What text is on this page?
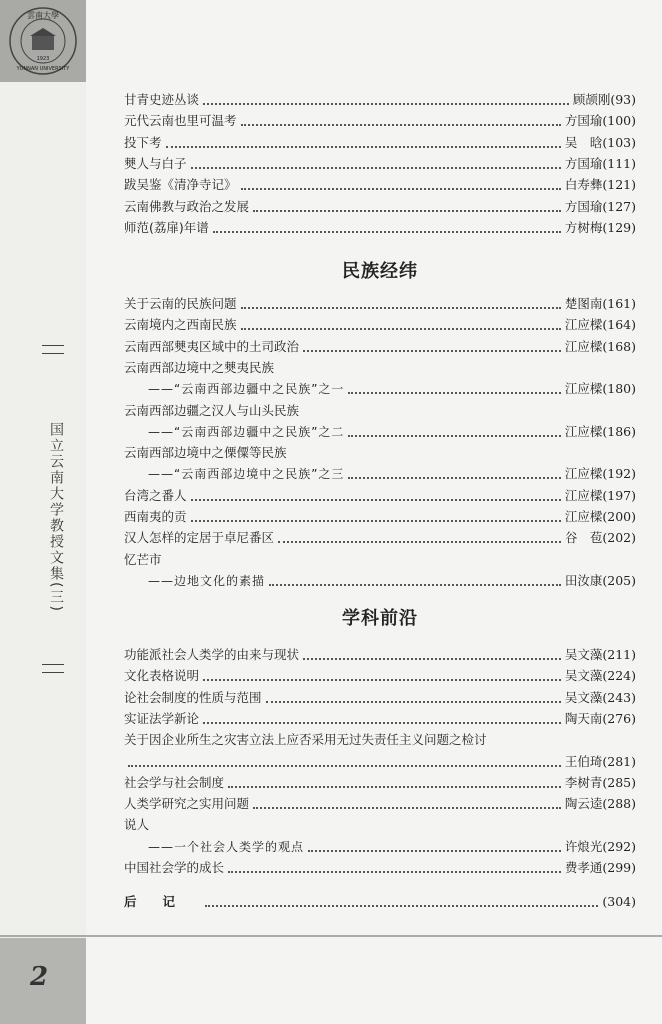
雲南大學
YUNNAN UNIVERSITY
1923
国立云南大学教授文集(三)
2
甘青史迹丛谈	顾颉刚(93)
元代云南也里可温考	方国瑜(100)
投下考	吴　晗(103)
僰人与白子	方国瑜(111)
跋吴鉴《清净寺记》	白寿彝(121)
云南佛教与政治之发展	方国瑜(127)
师范(荔扉)年谱	方树梅(129)
民族经纬
关于云南的民族问题	楚图南(161)
云南境内之西南民族	江应樑(164)
云南西部僰夷区域中的土司政治	江应樑(168)
云南西部边境中之僰夷民族
——“云南西部边疆中之民族”之一	江应樑(180)
云南西部边疆之汉人与山头民族
——“云南西部边疆中之民族”之二	江应樑(186)
云南西部边境中之傈僳等民族
——“云南西部边境中之民族”之三	江应樑(192)
台湾之番人	江应樑(197)
西南夷的贡	江应樑(200)
汉人怎样的定居于卓尼番区	谷　苞(202)
忆芒市
——边地文化的素描	田汝康(205)
学科前沿
功能派社会人类学的由来与现状	吴文藻(211)
文化表格说明	吴文藻(224)
论社会制度的性质与范围	吴文藻(243)
实证法学新论	陶天南(276)
关于因企业所生之灾害立法上应否采用无过失责任主义问题之检讨
王伯琦(281)
社会学与社会制度	李树青(285)
人类学研究之实用问题	陶云逵(288)
说人
——一个社会人类学的观点	许烺光(292)
中国社会学的成长	费孝通(299)
后记	(304)
